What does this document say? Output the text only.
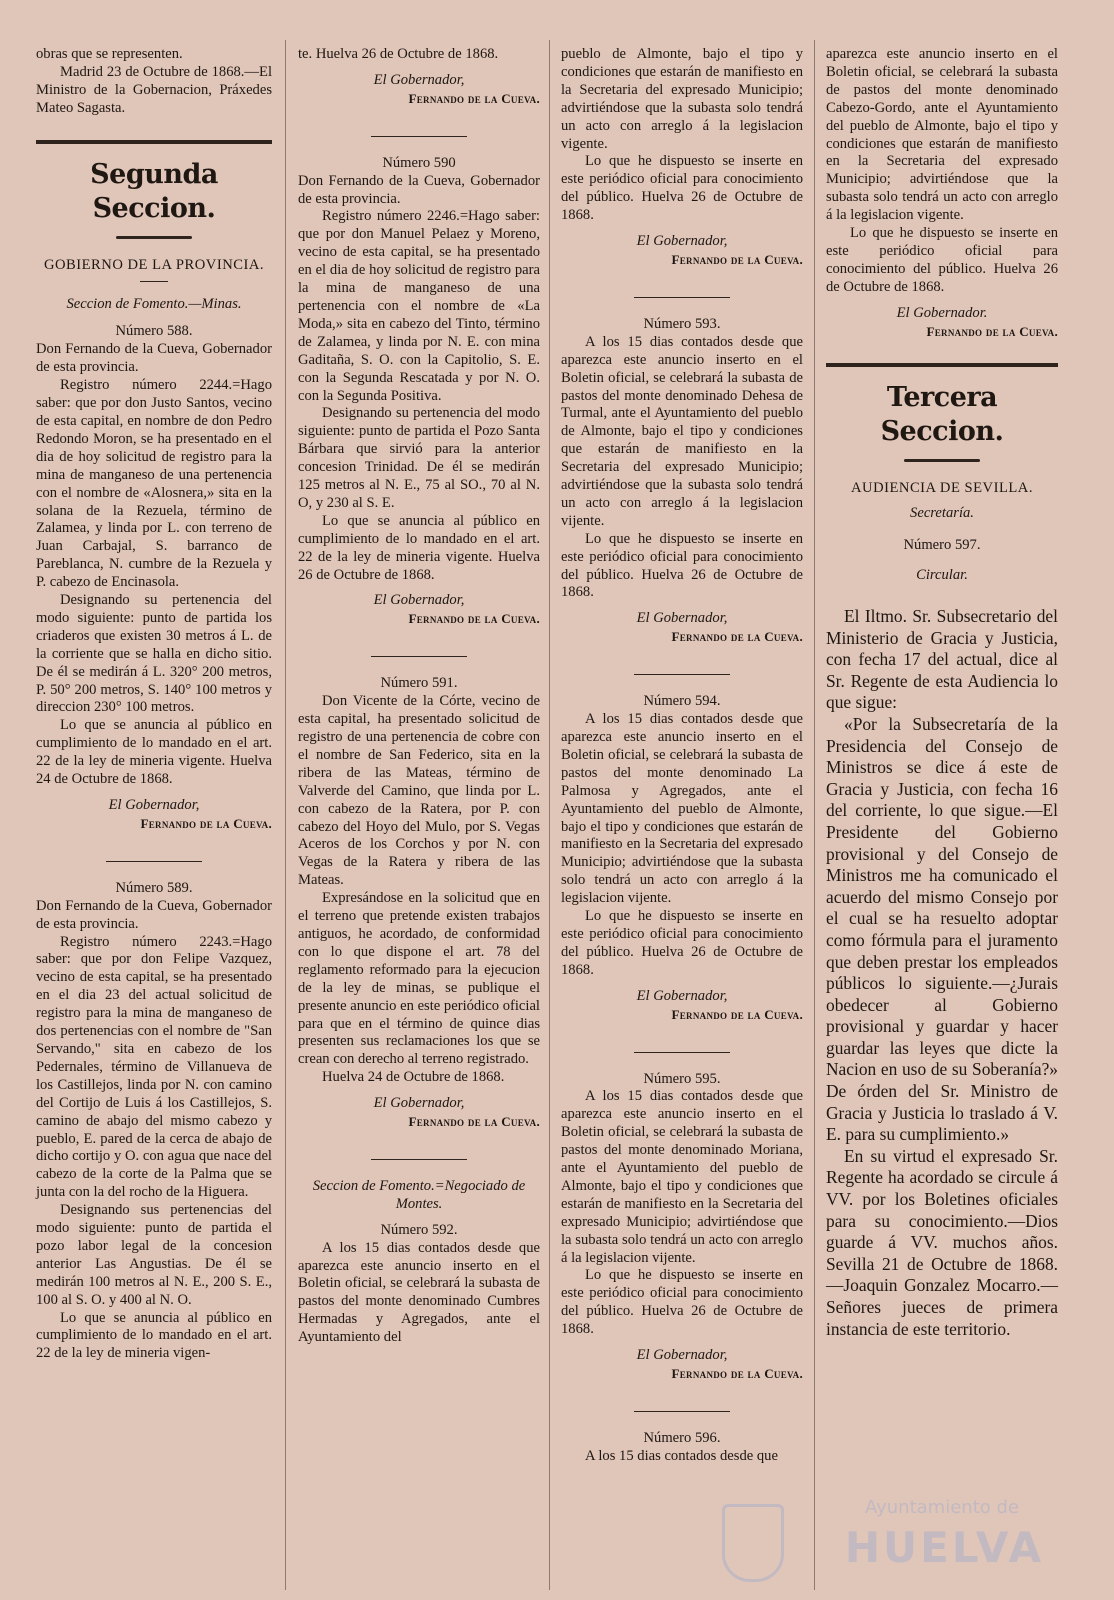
obras que se representen.

Madrid 23 de Octubre de 1868.—El Ministro de la Gobernacion, Práxedes Mateo Sagasta.

Segunda Seccion.
GOBIERNO DE LA PROVINCIA.
Seccion de Fomento.—Minas.
Número 588.

Don Fernando de la Cueva, Gobernador de esta provincia.

Registro número 2244.=Hago saber: que por don Justo Santos, vecino de esta capital, en nombre de don Pedro Redondo Moron, se ha presentado en el dia de hoy solicitud de registro para la mina de manganeso de una pertenencia con el nombre de «Alosnera,» sita en la solana de la Rezuela, término de Zalamea, y linda por L. con terreno de Juan Carbajal, S. barranco de Pareblanca, N. cumbre de la Rezuela y P. cabezo de Encinasola.

Designando su pertenencia del modo siguiente: punto de partida los criaderos que existen 30 metros á L. de la corriente que se halla en dicho sitio. De él se medirán á L. 320° 200 metros, P. 50° 200 metros, S. 140° 100 metros y direccion 230° 100 metros.

Lo que se anuncia al público en cumplimiento de lo mandado en el art. 22 de la ley de mineria vigente. Huelva 24 de Octubre de 1868.

El Gobernador,
Fernando de la Cueva.
Número 589.

Don Fernando de la Cueva, Gobernador de esta provincia.

Registro número 2243.=Hago saber: que por don Felipe Vazquez, vecino de esta capital, se ha presentado en el dia 23 del actual solicitud de registro para la mina de manganeso de dos pertenencias con el nombre de "San Servando," sita en cabezo de los Pedernales, término de Villanueva de los Castillejos, linda por N. con camino del Cortijo de Luis á los Castillejos, S. camino de abajo del mismo cabezo y pueblo, E. pared de la cerca de abajo de dicho cortijo y O. con agua que nace del cabezo de la corte de la Palma que se junta con la del rocho de la Higuera.

Designando sus pertenencias del modo siguiente: punto de partida el pozo labor legal de la concesion anterior Las Angustias. De él se medirán 100 metros al N. E., 200 S. E., 100 al S. O. y 400 al N. O.

Lo que se anuncia al público en cumplimiento de lo mandado en el art. 22 de la ley de mineria vigen-

te. Huelva 26 de Octubre de 1868.

El Gobernador,
Fernando de la Cueva.
Número 590

Don Fernando de la Cueva, Gobernador de esta provincia.

Registro número 2246.=Hago saber: que por don Manuel Pelaez y Moreno, vecino de esta capital, se ha presentado en el dia de hoy solicitud de registro para la mina de manganeso de una pertenencia con el nombre de «La Moda,» sita en cabezo del Tinto, término de Zalamea, y linda por N. E. con mina Gaditaña, S. O. con la Capitolio, S. E. con la Segunda Rescatada y por N. O. con la Segunda Positiva.

Designando su pertenencia del modo siguiente: punto de partida el Pozo Santa Bárbara que sirvió para la anterior concesion Trinidad. De él se medirán 125 metros al N. E., 75 al SO., 70 al N. O, y 230 al S. E.

Lo que se anuncia al público en cumplimiento de lo mandado en el art. 22 de la ley de mineria vigente. Huelva 26 de Octubre de 1868.

El Gobernador,
Fernando de la Cueva.
Número 591.

Don Vicente de la Córte, vecino de esta capital, ha presentado solicitud de registro de una pertenencia de cobre con el nombre de San Federico, sita en la ribera de las Mateas, término de Valverde del Camino, que linda por L. con cabezo de la Ratera, por P. con cabezo del Hoyo del Mulo, por S. Vegas Aceros de los Corchos y por N. con Vegas de la Ratera y ribera de las Mateas.

Expresándose en la solicitud que en el terreno que pretende existen trabajos antiguos, he acordado, de conformidad con lo que dispone el art. 78 del reglamento reformado para la ejecucion de la ley de minas, se publique el presente anuncio en este periódico oficial para que en el término de quince dias presenten sus reclamaciones los que se crean con derecho al terreno registrado.

Huelva 24 de Octubre de 1868.

El Gobernador,
Fernando de la Cueva.
Seccion de Fomento.=Negociado de Montes.
Número 592.

A los 15 dias contados desde que aparezca este anuncio inserto en el Boletin oficial, se celebrará la subasta de pastos del monte denominado Cumbres Hermadas y Agregados, ante el Ayuntamiento del

pueblo de Almonte, bajo el tipo y condiciones que estarán de manifiesto en la Secretaria del expresado Municipio; advirtiéndose que la subasta solo tendrá un acto con arreglo á la legislacion vigente.

Lo que he dispuesto se inserte en este periódico oficial para conocimiento del público. Huelva 26 de Octubre de 1868.

El Gobernador,
Fernando de la Cueva.
Número 593.

A los 15 dias contados desde que aparezca este anuncio inserto en el Boletin oficial, se celebrará la subasta de pastos del monte denominado Dehesa de Turmal, ante el Ayuntamiento del pueblo de Almonte, bajo el tipo y condiciones que estarán de manifiesto en la Secretaria del expresado Municipio; advirtiéndose que la subasta solo tendrá un acto con arreglo á la legislacion vijente.

Lo que he dispuesto se inserte en este periódico oficial para conocimiento del público. Huelva 26 de Octubre de 1868.

El Gobernador,
Fernando de la Cueva.
Número 594.

A los 15 dias contados desde que aparezca este anuncio inserto en el Boletin oficial, se celebrará la subasta de pastos del monte denominado La Palmosa y Agregados, ante el Ayuntamiento del pueblo de Almonte, bajo el tipo y condiciones que estarán de manifiesto en la Secretaria del expresado Municipio; advirtiéndose que la subasta solo tendrá un acto con arreglo á la legislacion vijente.

Lo que he dispuesto se inserte en este periódico oficial para conocimiento del público. Huelva 26 de Octubre de 1868.

El Gobernador,
Fernando de la Cueva.
Número 595.

A los 15 dias contados desde que aparezca este anuncio inserto en el Boletin oficial, se celebrará la subasta de pastos del monte denominado Moriana, ante el Ayuntamiento del pueblo de Almonte, bajo el tipo y condiciones que estarán de manifiesto en la Secretaria del expresado Municipio; advirtiéndose que la subasta solo tendrá un acto con arreglo á la legislacion vijente.

Lo que he dispuesto se inserte en este periódico oficial para conocimiento del público. Huelva 26 de Octubre de 1868.

El Gobernador,
Fernando de la Cueva.
Número 596.

A los 15 dias contados desde que

aparezca este anuncio inserto en el Boletin oficial, se celebrará la subasta de pastos del monte denominado Cabezo-Gordo, ante el Ayuntamiento del pueblo de Almonte, bajo el tipo y condiciones que estarán de manifiesto en la Secretaria del expresado Municipio; advirtiéndose que la subasta solo tendrá un acto con arreglo á la legislacion vigente.

Lo que he dispuesto se inserte en este periódico oficial para conocimiento del público. Huelva 26 de Octubre de 1868.

El Gobernador.
Fernando de la Cueva.
Tercera Seccion.
AUDIENCIA DE SEVILLA.
Secretaría.
Número 597.
Circular.

El Iltmo. Sr. Subsecretario del Ministerio de Gracia y Justicia, con fecha 17 del actual, dice al Sr. Regente de esta Audiencia lo que sigue:

«Por la Subsecretaría de la Presidencia del Consejo de Ministros se dice á este de Gracia y Justicia, con fecha 16 del corriente, lo que sigue.—El Presidente del Gobierno provisional y del Consejo de Ministros me ha comunicado el acuerdo del mismo Consejo por el cual se ha resuelto adoptar como fórmula para el juramento que deben prestar los empleados públicos lo siguiente.—¿Jurais obedecer al Gobierno provisional y guardar y hacer guardar las leyes que dicte la Nacion en uso de su Soberanía?» De órden del Sr. Ministro de Gracia y Justicia lo traslado á V. E. para su cumplimiento.»

En su virtud el expresado Sr. Regente ha acordado se circule á VV. por los Boletines oficiales para su conocimiento.—Dios guarde á VV. muchos años. Sevilla 21 de Octubre de 1868.—Joaquin Gonzalez Mocarro.—Señores jueces de primera instancia de este territorio.

Ayuntamiento de
HUELVA
